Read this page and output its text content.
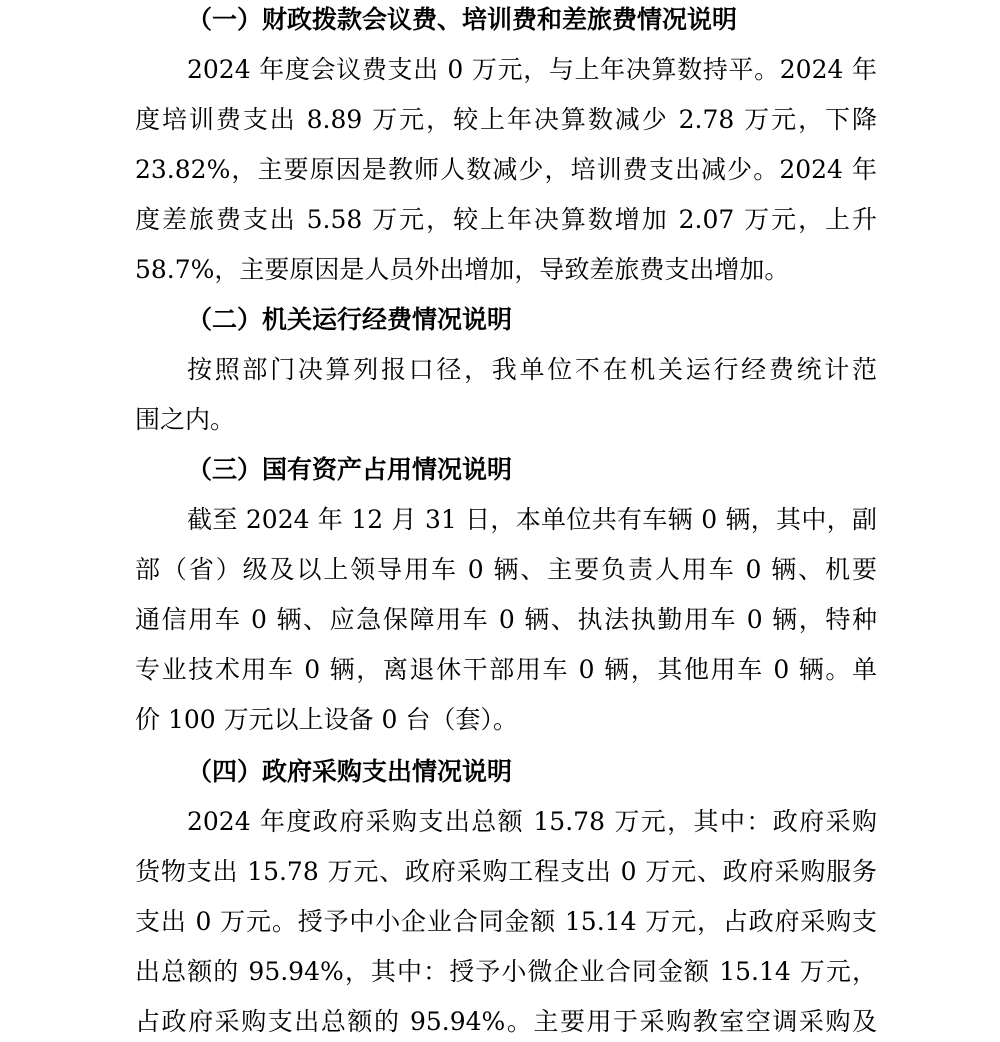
（一）财政拨款会议费、培训费和差旅费情况说明
2024 年度会议费支出 0 万元，与上年决算数持平。2024 年
度培训费支出 8.89 万元，较上年决算数减少 2.78 万元，下降
23.82%，主要原因是教师人数减少，培训费支出减少。2024 年
度差旅费支出 5.58 万元，较上年决算数增加 2.07 万元，上升
58.7%，主要原因是人员外出增加，导致差旅费支出增加。
（二）机关运行经费情况说明
按照部门决算列报口径，我单位不在机关运行经费统计范
围之内。
（三）国有资产占用情况说明
截至 2024 年 12 月 31 日，本单位共有车辆 0 辆，其中，副
部（省）级及以上领导用车 0 辆、主要负责人用车 0 辆、机要
通信用车 0 辆、应急保障用车 0 辆、执法执勤用车 0 辆，特种
专业技术用车 0 辆，离退休干部用车 0 辆，其他用车 0 辆。单
价 100 万元以上设备 0 台（套）。
（四）政府采购支出情况说明
2024 年度政府采购支出总额 15.78 万元，其中：政府采购
货物支出 15.78 万元、政府采购工程支出 0 万元、政府采购服务
支出 0 万元。授予中小企业合同金额 15.14 万元，占政府采购支
出总额的 95.94%，其中：授予小微企业合同金额 15.14 万元，
占政府采购支出总额的 95.94%。主要用于采购教室空调采购及
